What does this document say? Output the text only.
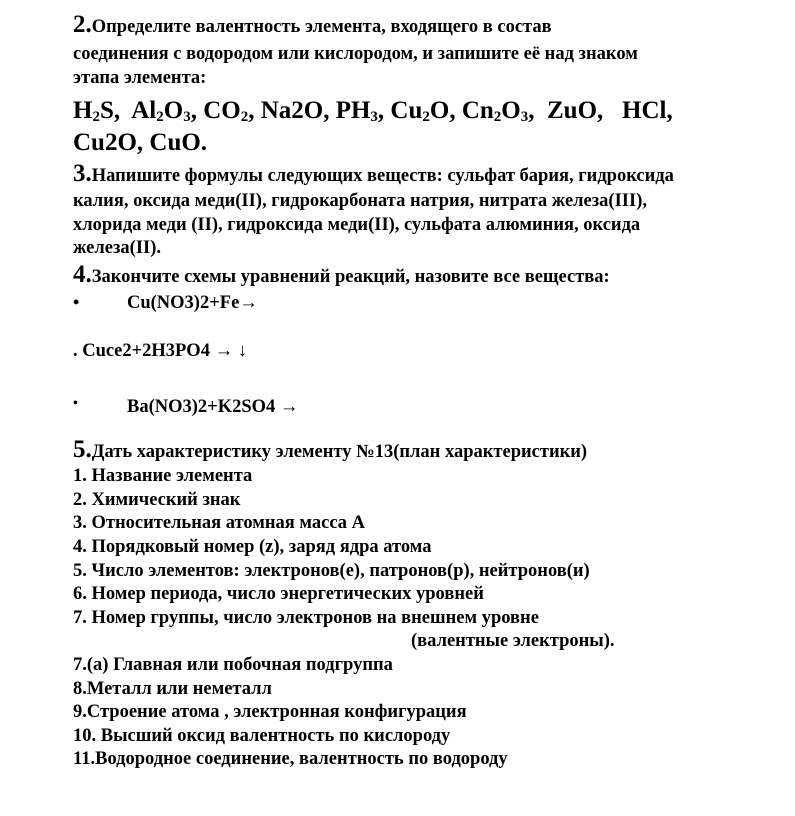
2.Определите валентность элемента, входящего в состав
соединения с водородом или кислородом, и запишите её над знаком
этапа элемента:
$H_2S$, $Al_2O_3$, $CO_2$, Na2O, $PH_3$, $Cu_2O$, $Cn_2O_3$, ZuO, HCl,
Cu2O, CuO.
3.Напишите формулы следующих веществ: сульфат бария, гидроксида
калия, оксида меди(II), гидрокарбоната натрия, нитрата железа(III),
хлорида меди (II), гидроксида меди(II), сульфата алюминия, оксида
железа(II).
4.Закончите схемы уравнений реакций, назовите все вещества:
•	Cu(NO3)2+Fe→
. Cuce2+2H3PO4 → ↓
•	Ba(NO3)2+K2SO4 →
5.Дать характеристику элементу №13(план характеристики)
1. Название элемента
2. Химический знак
3. Относительная атомная масса А
4. Порядковый номер (z), заряд ядра атома
5. Число элементов: электронов(е), патронов(р), нейтронов(и)
6. Номер периода, число энергетических уровней
7. Номер группы, число электронов на внешнем уровне
(валентные электроны).
7.(а) Главная или побочная подгруппа
8.Металл или неметалл
9.Строение атома , электронная конфигурация
10. Высший оксид валентность по кислороду
11.Водородное соединение, валентность по водороду
